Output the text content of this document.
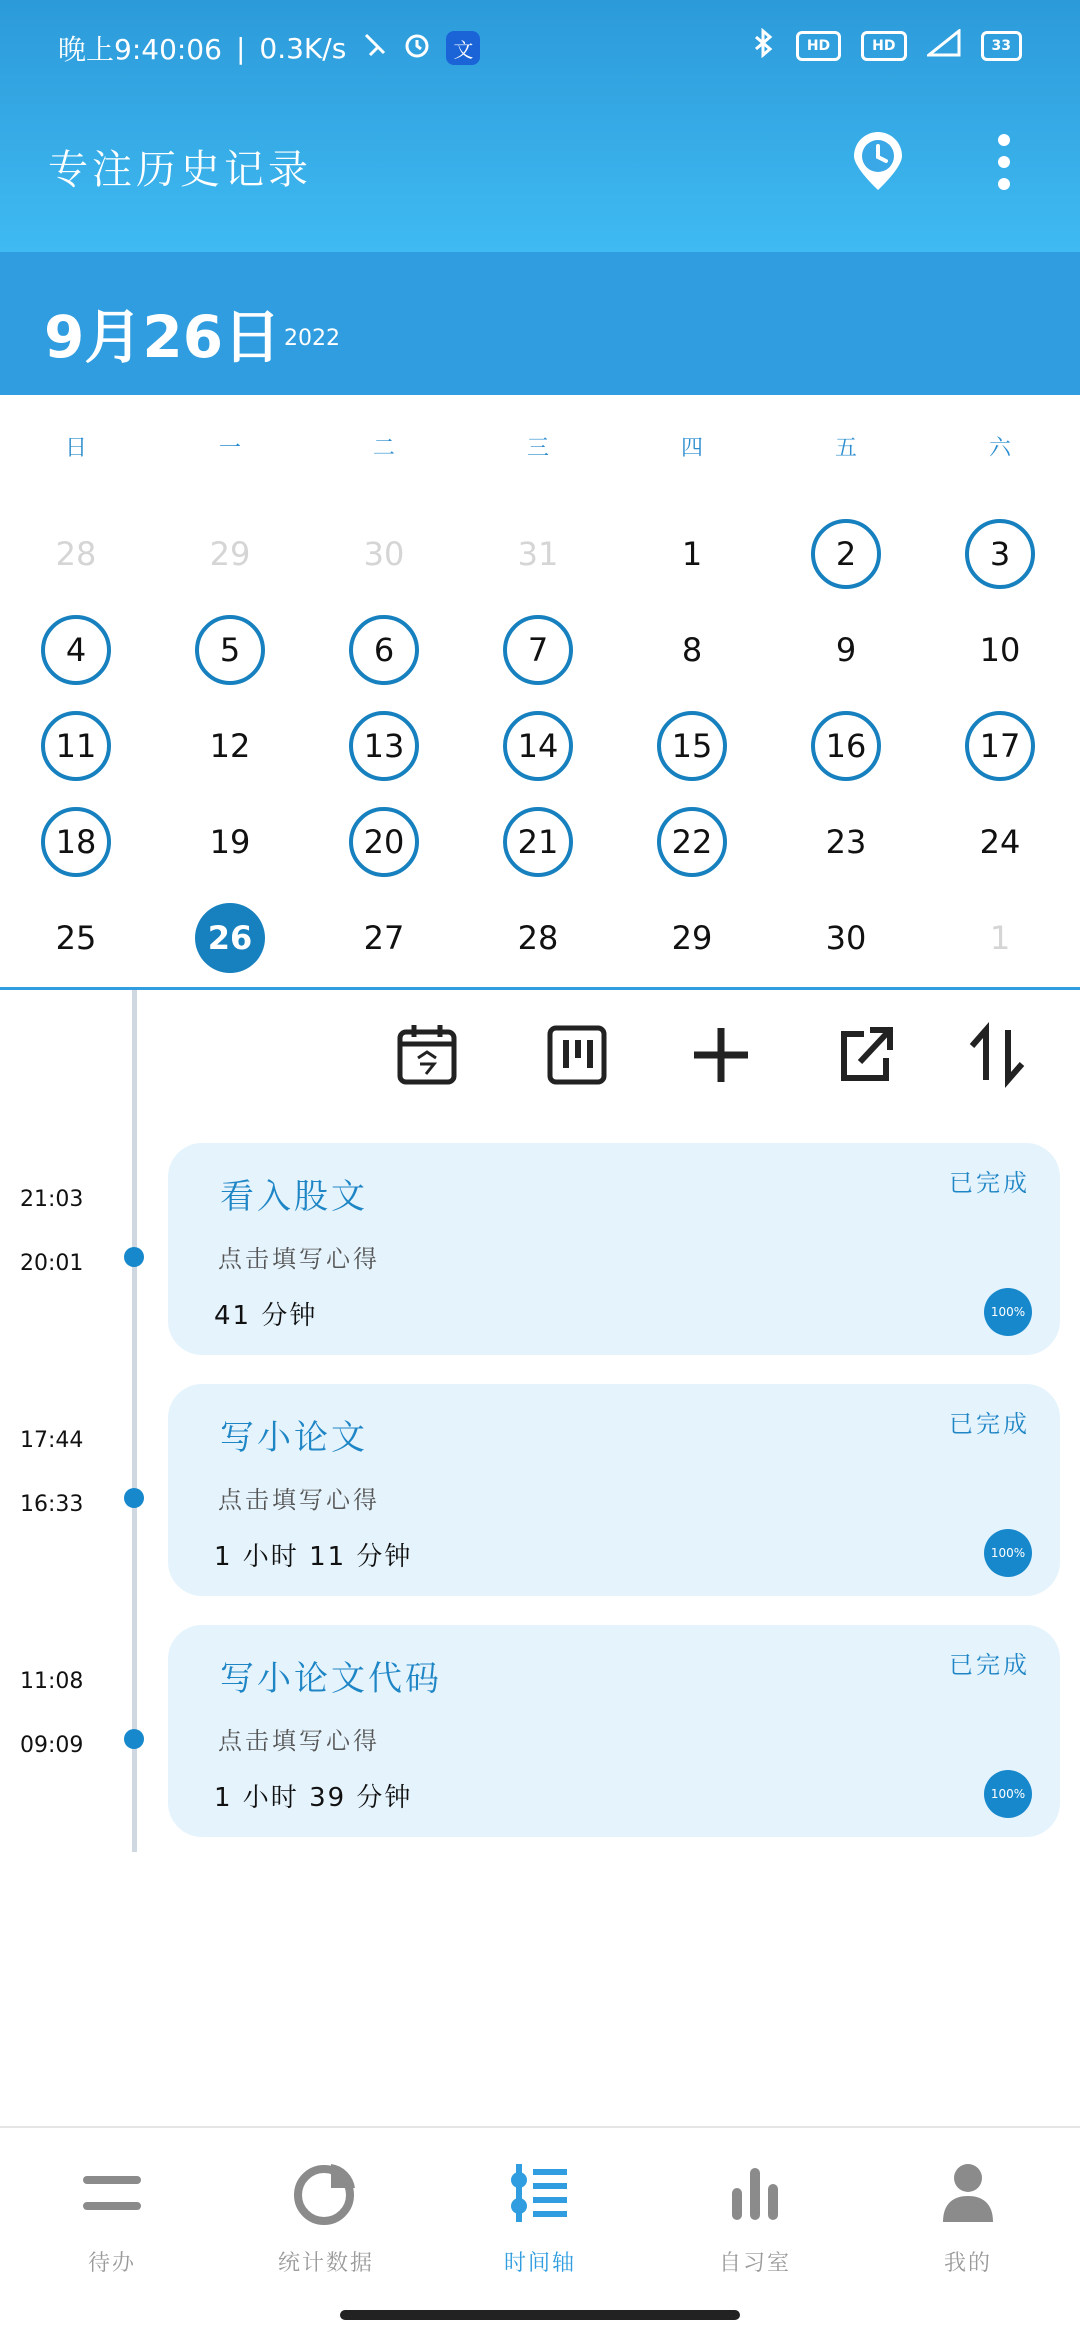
晚上9:40:06 | 0.3K/s	文	HD	HD	33
专注历史记录
9月26日 2022
日	一	二	三	四	五	六
28	29	30	31	1	2	3
4	5	6	7	8	9	10
11	12	13	14	15	16	17
18	19	20	21	22	23	24
25	26	27	28	29	30	1
21:03
20:01
看入股文	已完成
点击填写心得
41 分钟	100%
17:44
16:33
写小论文	已完成
点击填写心得
1 小时 11 分钟	100%
11:08
09:09
写小论文代码	已完成
点击填写心得
1 小时 39 分钟	100%
待办	统计数据	时间轴	自习室	我的
